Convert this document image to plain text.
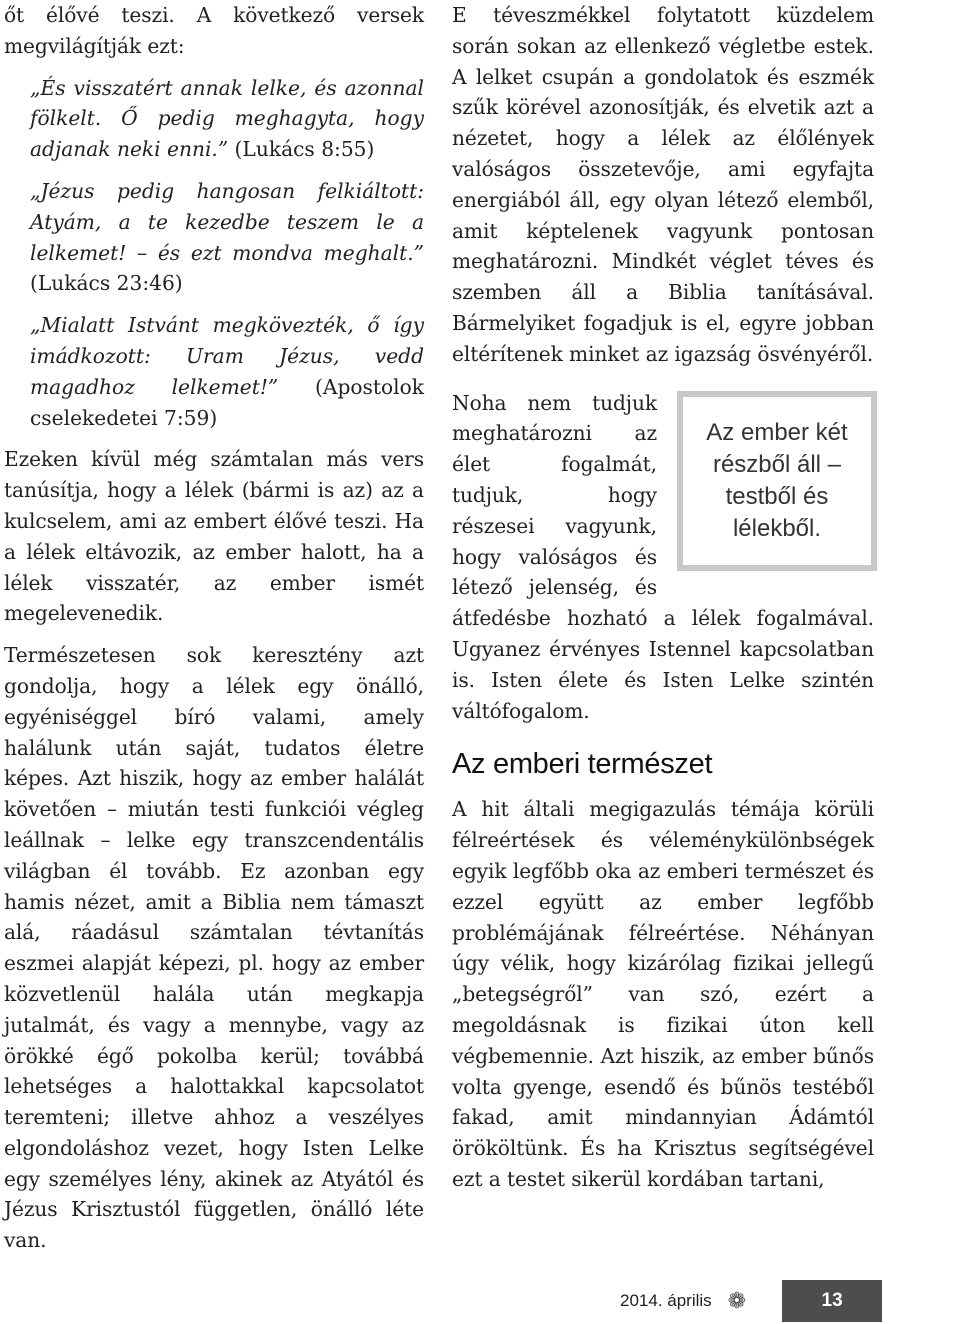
őt élővé teszi. A következő versek megvilágítják ezt:

„És visszatért annak lelke, és azonnal fölkelt. Ő pedig meghagyta, hogy adjanak neki enni.” (Lukács 8:55)

„Jézus pedig hangosan felkiáltott: Atyám, a te kezedbe teszem le a lelkemet! – és ezt mondva meghalt.” (Lukács 23:46)

„Mialatt Istvánt megkövezték, ő így imádkozott: Uram Jézus, vedd magadhoz lelkemet!” (Apostolok cselekedetei 7:59)

Ezeken kívül még számtalan más vers tanúsítja, hogy a lélek (bármi is az) az a kulcselem, ami az embert élővé teszi. Ha a lélek eltávozik, az ember halott, ha a lélek visszatér, az ember ismét megelevenedik.

Természetesen sok keresztény azt gondolja, hogy a lélek egy önálló, egyéniséggel bíró valami, amely halálunk után saját, tudatos életre képes. Azt hiszik, hogy az ember halálát követően – miután testi funkciói végleg leállnak – lelke egy transzcendentális világban él tovább. Ez azonban egy hamis nézet, amit a Biblia nem támaszt alá, ráadásul számtalan tévtanítás eszmei alapját képezi, pl. hogy az ember közvetlenül halála után megkapja jutalmát, és vagy a mennybe, vagy az örökké égő pokolba kerül; továbbá lehetséges a halottakkal kapcsolatot teremteni; illetve ahhoz a veszélyes elgondoláshoz vezet, hogy Isten Lelke egy személyes lény, akinek az Atyától és Jézus Krisztustól független, önálló léte van.

E téveszmékkel folytatott küzdelem során sokan az ellenkező végletbe estek. A lelket csupán a gondolatok és eszmék szűk körével azonosítják, és elvetik azt a nézetet, hogy a lélek az élőlények valóságos összetevője, ami egyfajta energiából áll, egy olyan létező elemből, amit képtelenek vagyunk pontosan meghatározni. Mindkét véglet téves és szemben áll a Biblia tanításával. Bármelyiket fogadjuk is el, egyre jobban eltérítenek minket az igazság ösvényéről.

Az ember két részből áll – testből és lélekből.

Noha nem tudjuk meghatározni az élet fogalmát, tudjuk, hogy részesei vagyunk, hogy valóságos és létező jelenség, és átfedésbe hozható a lélek fogalmával. Ugyanez érvényes Istennel kapcsolatban is. Isten élete és Isten Lelke szintén váltófogalom.

Az emberi természet

A hit általi megigazulás témája körüli félreértések és véleménykülönbségek egyik legfőbb oka az emberi természet és ezzel együtt az ember legfőbb problémájának félreértése. Néhányan úgy vélik, hogy kizárólag fizikai jellegű „betegségről” van szó, ezért a megoldásnak is fizikai úton kell végbemennie. Azt hiszik, az ember bűnős volta gyenge, esendő és bűnös testéből fakad, amit mindannyian Ádámtól örököltünk. És ha Krisztus segítségével ezt a testet sikerül kordában tartani,

2014. április ❁	13
